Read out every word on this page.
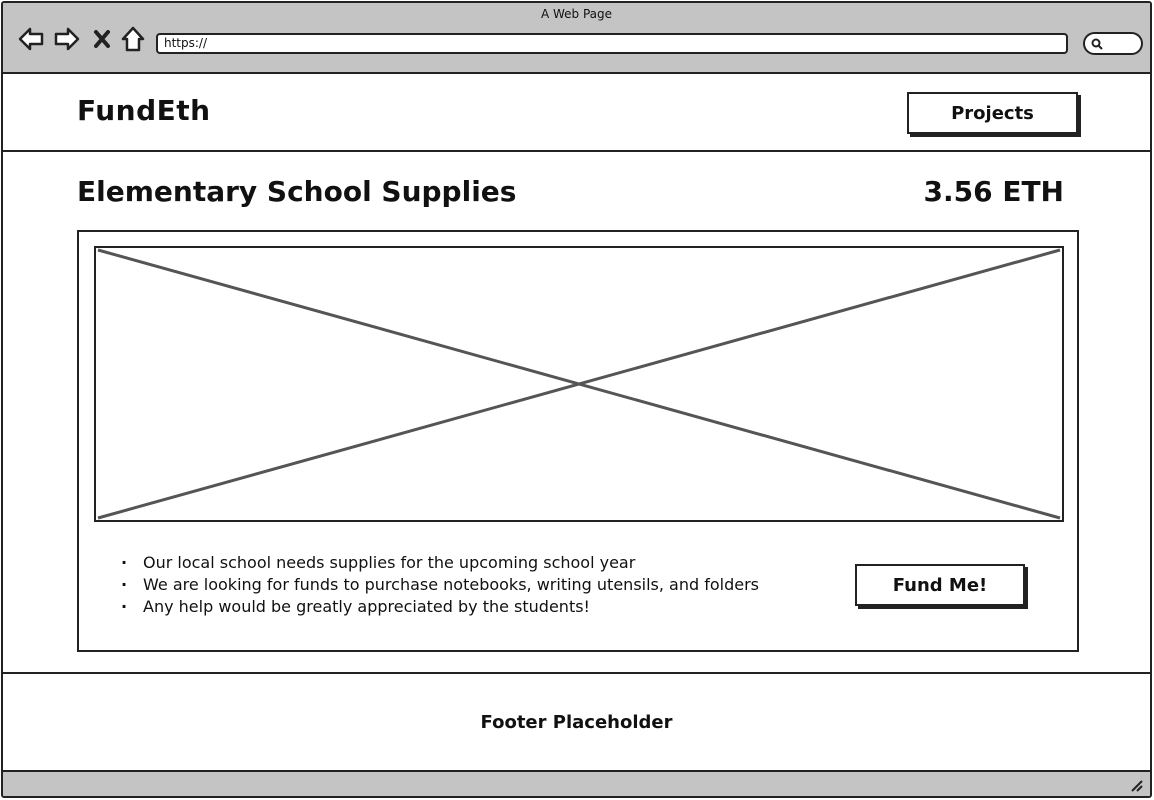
A Web Page
https://
FundEth	Projects
Elementary School Supplies	3.56 ETH
· Our local school needs supplies for the upcoming school year
· We are looking for funds to purchase notebooks, writing utensils, and folders
· Any help would be greatly appreciated by the students!
Fund Me!
Footer Placeholder
